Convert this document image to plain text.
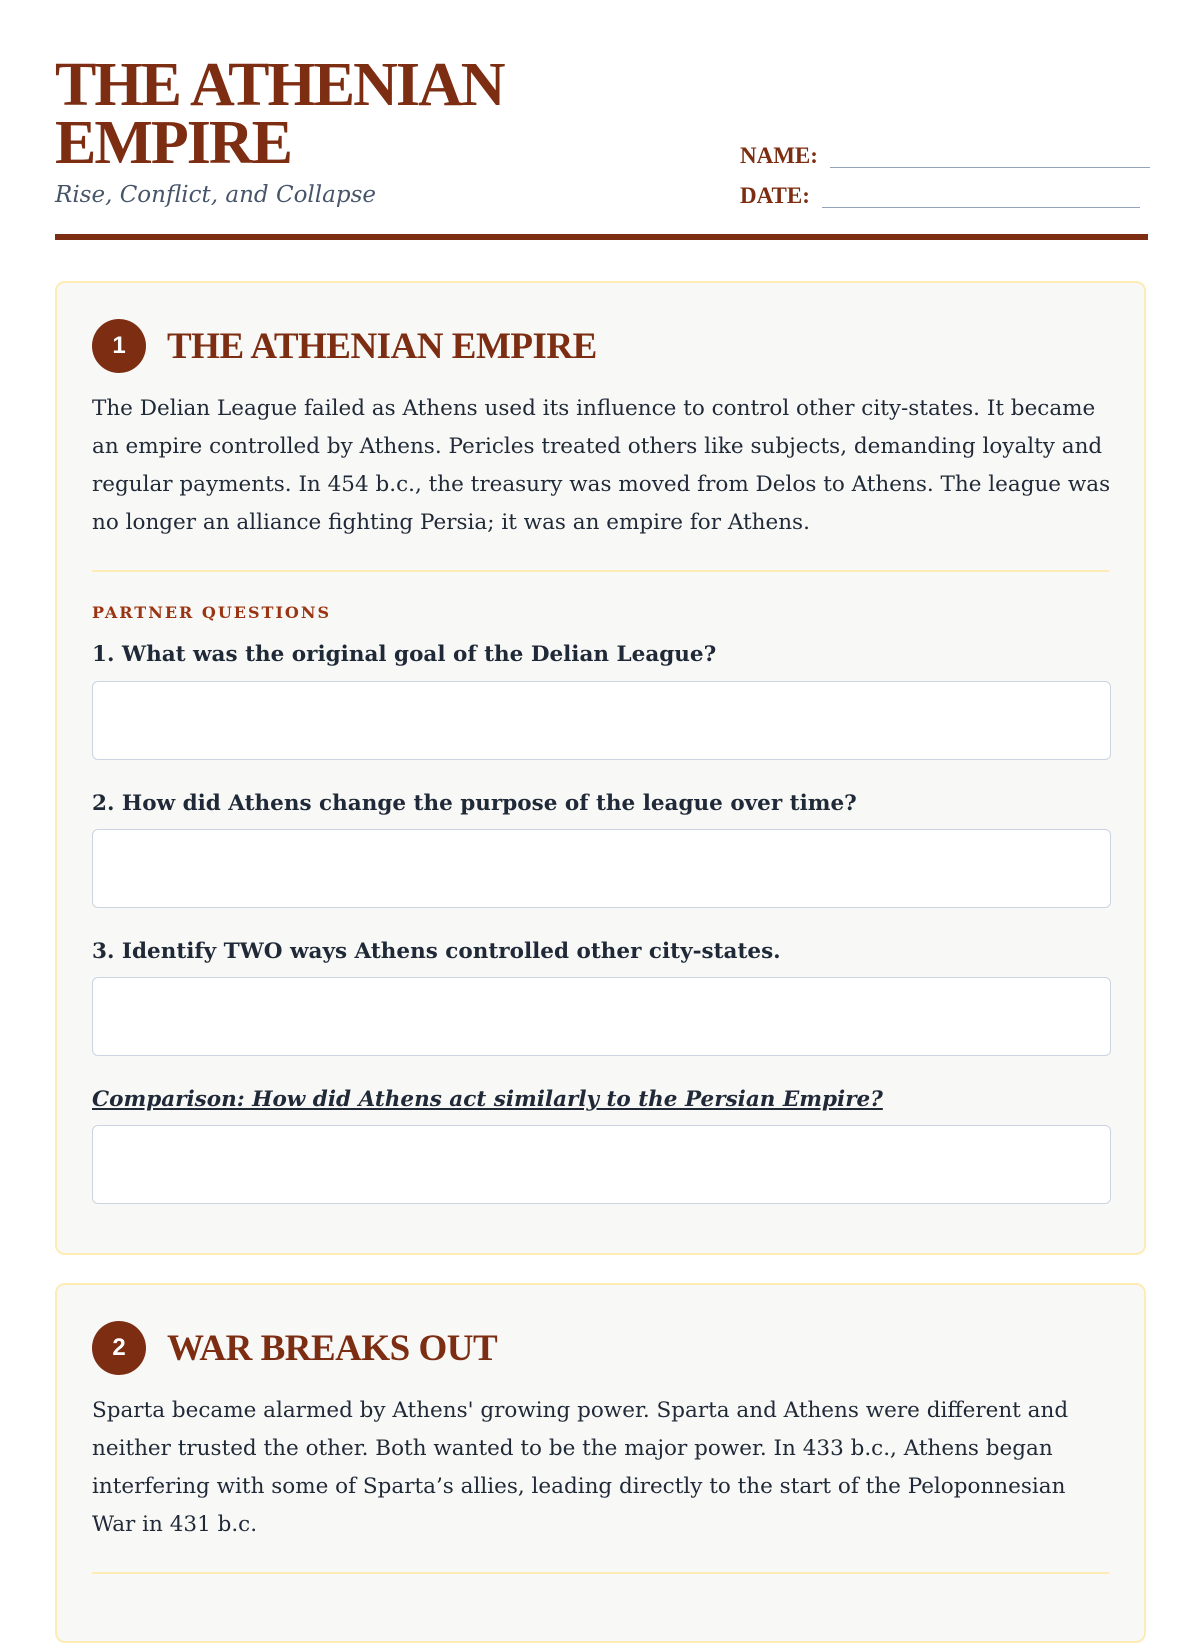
THE ATHENIAN
EMPIRE

Rise, Conflict, and Collapse

NAME:
DATE:
1	THE ATHENIAN EMPIRE

The Delian League failed as Athens used its influence to control other city-states. It became an empire controlled by Athens. Pericles treated others like subjects, demanding loyalty and regular payments. In 454 b.c., the treasury was moved from Delos to Athens. The league was no longer an alliance fighting Persia; it was an empire for Athens.

PARTNER QUESTIONS

1. What was the original goal of the Delian League?

2. How did Athens change the purpose of the league over time?

3. Identify TWO ways Athens controlled other city-states.

Comparison: How did Athens act similarly to the Persian Empire?

2	WAR BREAKS OUT

Sparta became alarmed by Athens' growing power. Sparta and Athens were different and neither trusted the other. Both wanted to be the major power. In 433 b.c., Athens began interfering with some of Sparta’s allies, leading directly to the start of the Peloponnesian War in 431 b.c.
